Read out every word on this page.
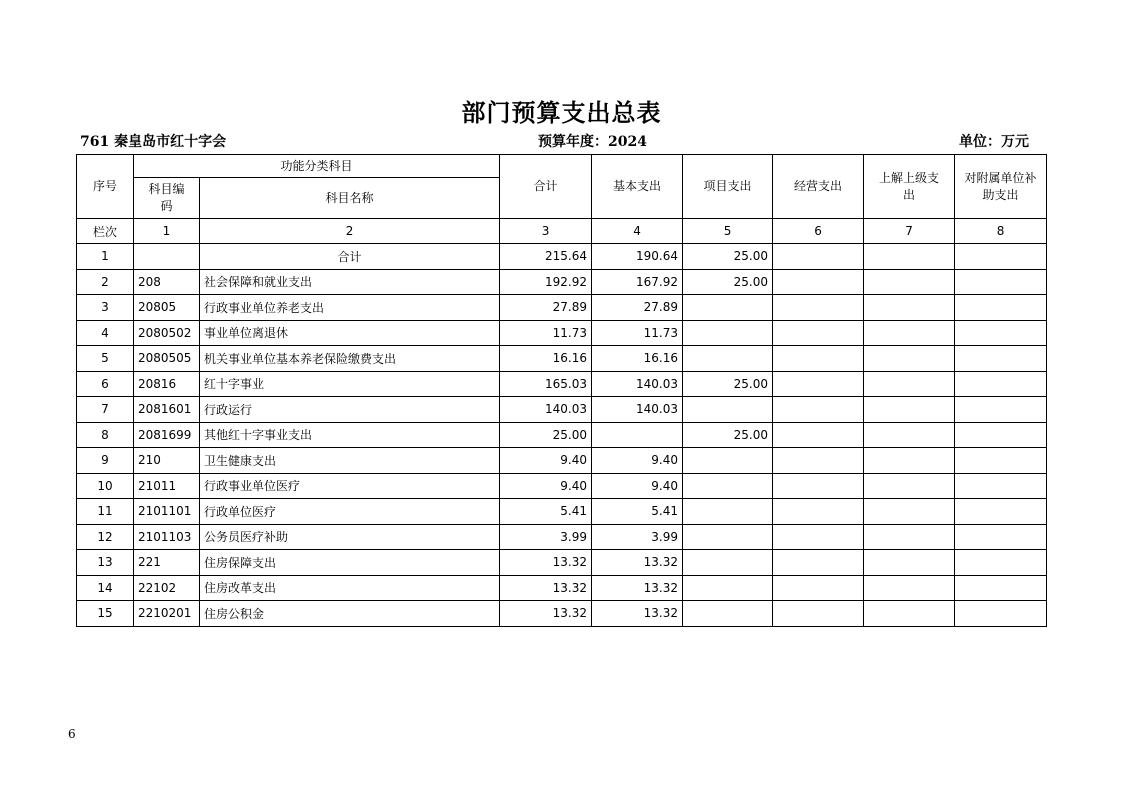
部门预算支出总表
761 秦皇岛市红十字会	预算年度：2024	单位：万元
序号	功能分类科目		合计	基本支出	项目支出	经营支出	上解上级支出	对附属单位补助支出
	科目编码	科目名称						
栏次	1	2	3	4	5	6	7	8
1		合计	215.64	190.64	25.00			
2	208	社会保障和就业支出	192.92	167.92	25.00			
3	20805	行政事业单位养老支出	27.89	27.89				
4	2080502	事业单位离退休	11.73	11.73				
5	2080505	机关事业单位基本养老保险缴费支出	16.16	16.16				
6	20816	红十字事业	165.03	140.03	25.00			
7	2081601	行政运行	140.03	140.03				
8	2081699	其他红十字事业支出	25.00		25.00			
9	210	卫生健康支出	9.40	9.40				
10	21011	行政事业单位医疗	9.40	9.40				
11	2101101	行政单位医疗	5.41	5.41				
12	2101103	公务员医疗补助	3.99	3.99				
13	221	住房保障支出	13.32	13.32				
14	22102	住房改革支出	13.32	13.32				
15	2210201	住房公积金	13.32	13.32				
6
